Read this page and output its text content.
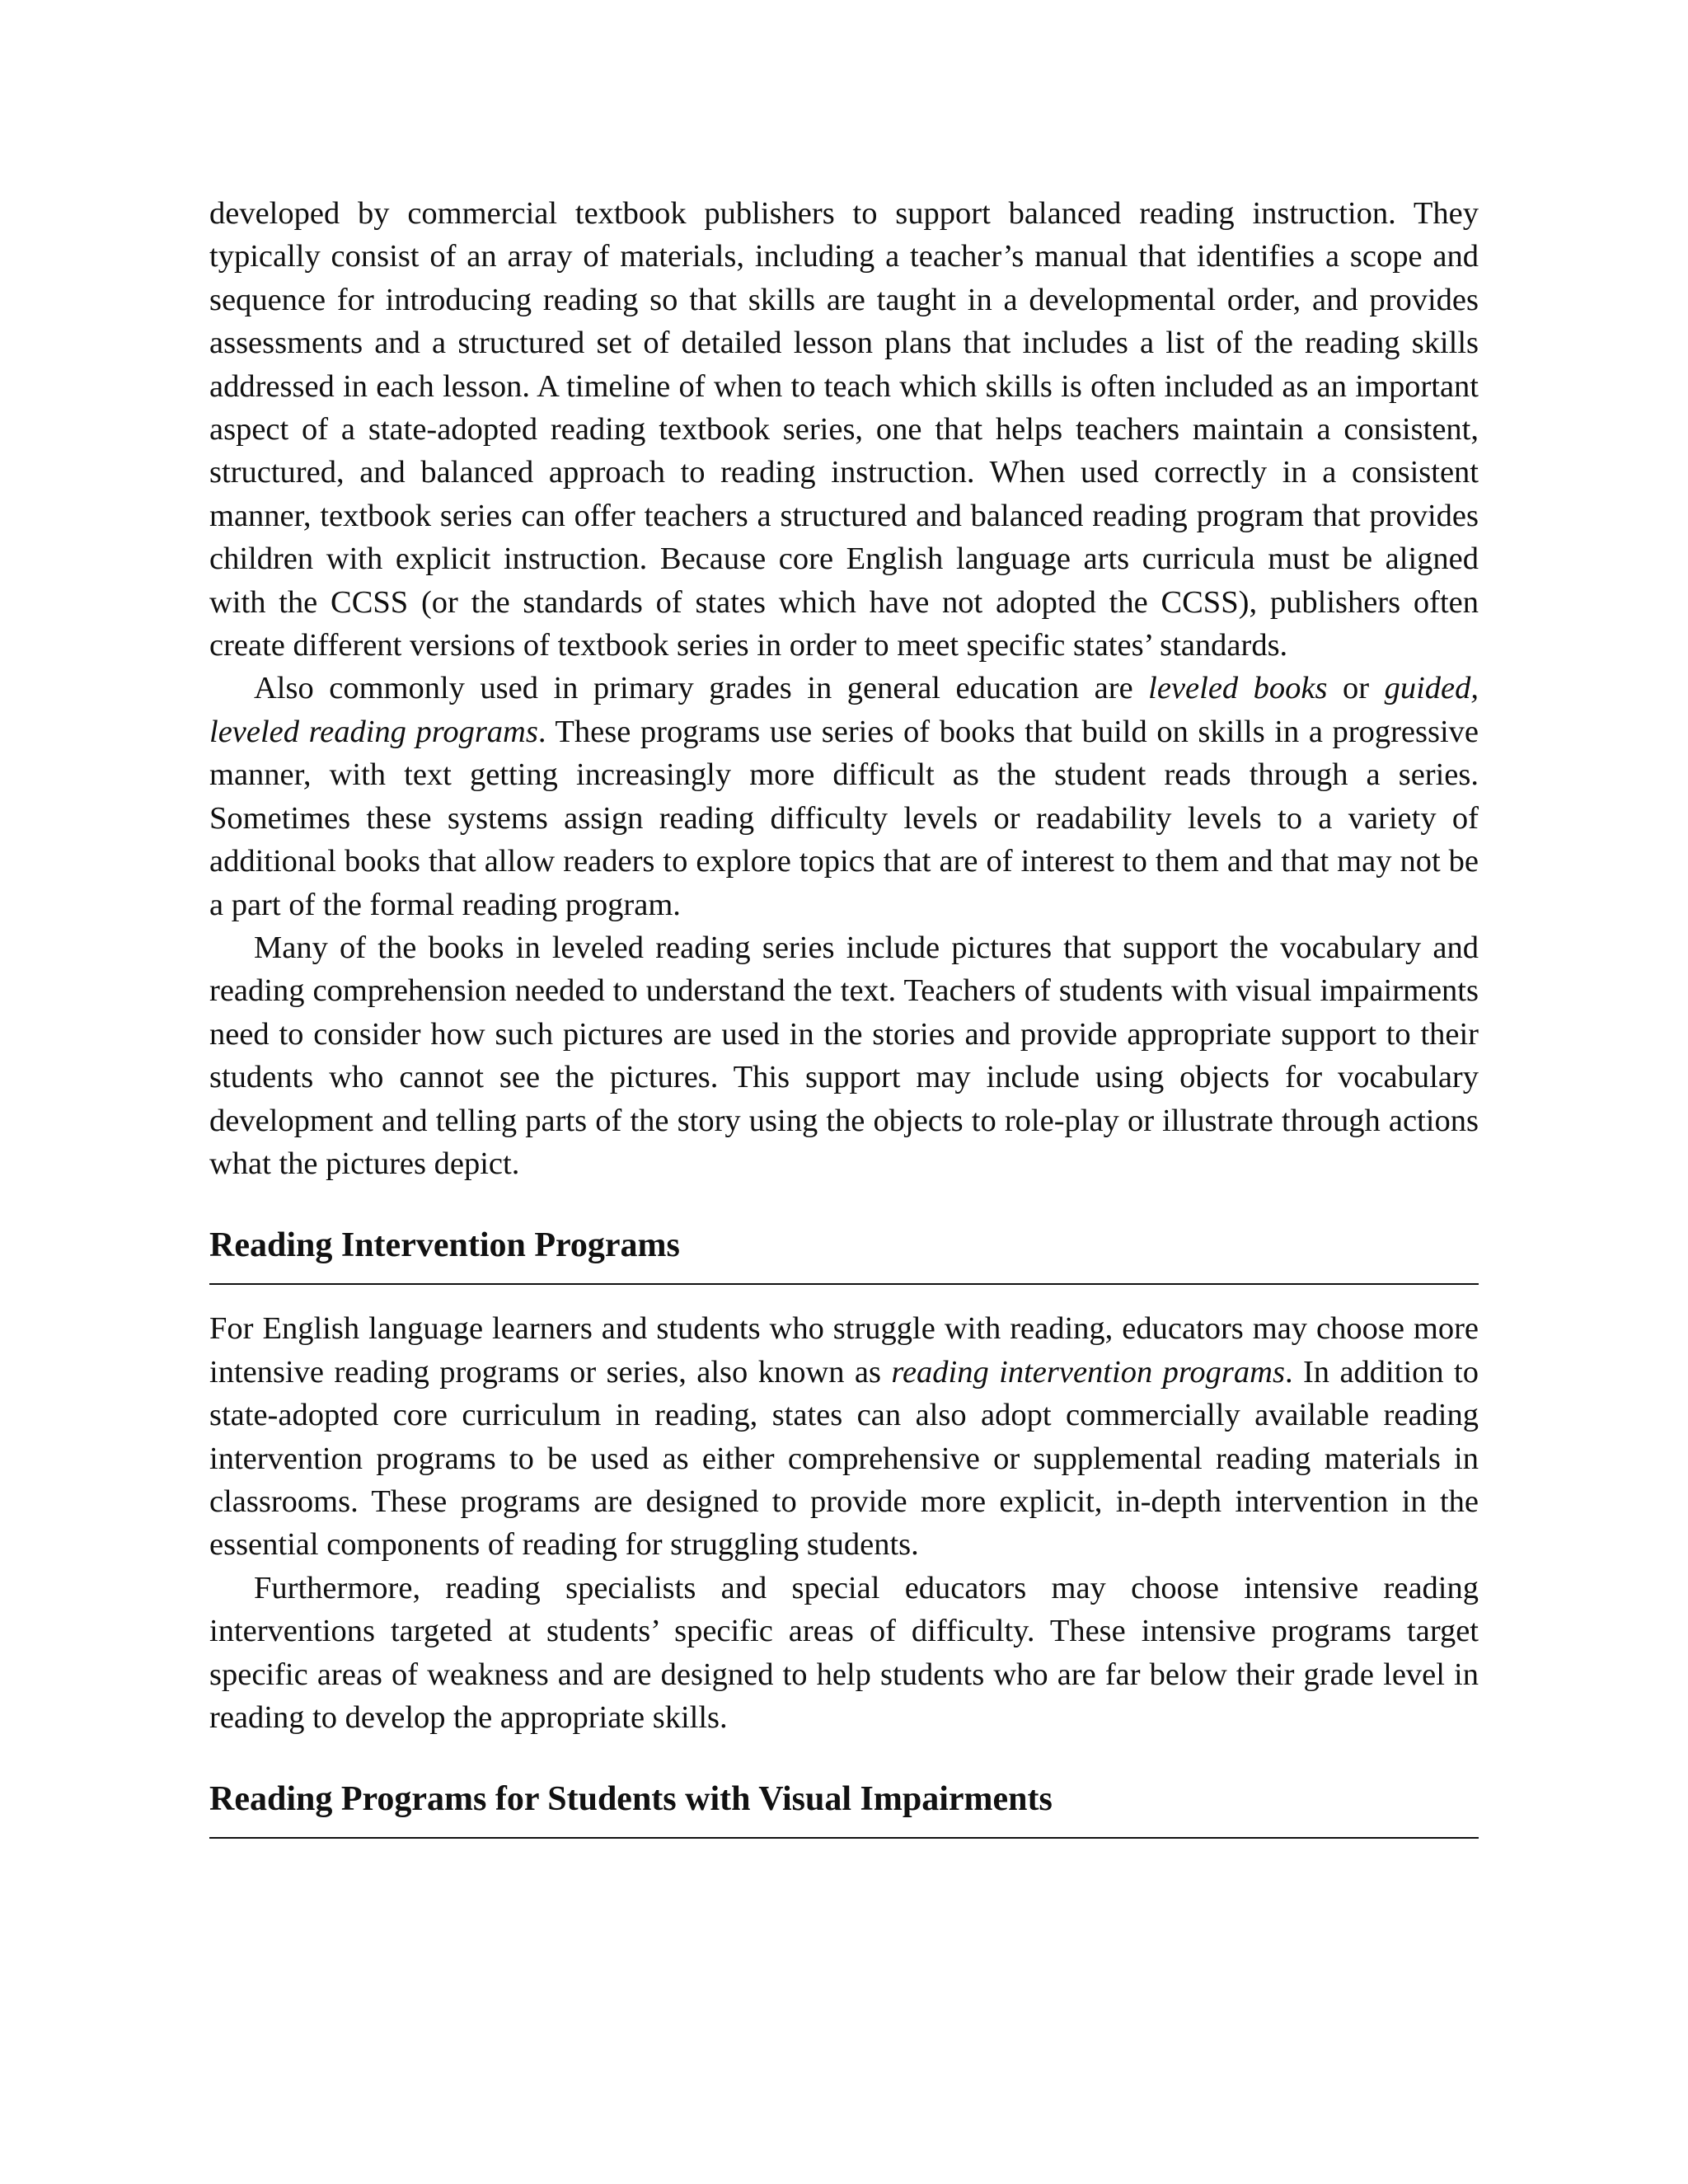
developed by commercial textbook publishers to support balanced reading instruction. They typically consist of an array of materials, including a teacher’s manual that identifies a scope and sequence for introducing reading so that skills are taught in a developmental order, and provides assessments and a structured set of detailed lesson plans that includes a list of the reading skills addressed in each lesson. A timeline of when to teach which skills is often included as an important aspect of a state-adopted reading textbook series, one that helps teachers maintain a consistent, structured, and balanced approach to reading instruction. When used correctly in a consistent manner, textbook series can offer teachers a structured and balanced reading program that provides children with explicit instruction. Because core English language arts curricula must be aligned with the CCSS (or the standards of states which have not adopted the CCSS), publishers often create different versions of textbook series in order to meet specific states’ standards.

Also commonly used in primary grades in general education are leveled books or guided, leveled reading programs. These programs use series of books that build on skills in a progressive manner, with text getting increasingly more difficult as the student reads through a series. Sometimes these systems assign reading difficulty levels or readability levels to a variety of additional books that allow readers to explore topics that are of interest to them and that may not be a part of the formal reading program.

Many of the books in leveled reading series include pictures that support the vocabulary and reading comprehension needed to understand the text. Teachers of students with visual impairments need to consider how such pictures are used in the stories and provide appropriate support to their students who cannot see the pictures. This support may include using objects for vocabulary development and telling parts of the story using the objects to role-play or illustrate through actions what the pictures depict.

Reading Intervention Programs

For English language learners and students who struggle with reading, educators may choose more intensive reading programs or series, also known as reading intervention programs. In addition to state-adopted core curriculum in reading, states can also adopt commercially available reading intervention programs to be used as either comprehensive or supplemental reading materials in classrooms. These programs are designed to provide more explicit, in-depth intervention in the essential components of reading for struggling students.

Furthermore, reading specialists and special educators may choose intensive reading interventions targeted at students’ specific areas of difficulty. These intensive programs target specific areas of weakness and are designed to help students who are far below their grade level in reading to develop the appropriate skills.

Reading Programs for Students with Visual Impairments
